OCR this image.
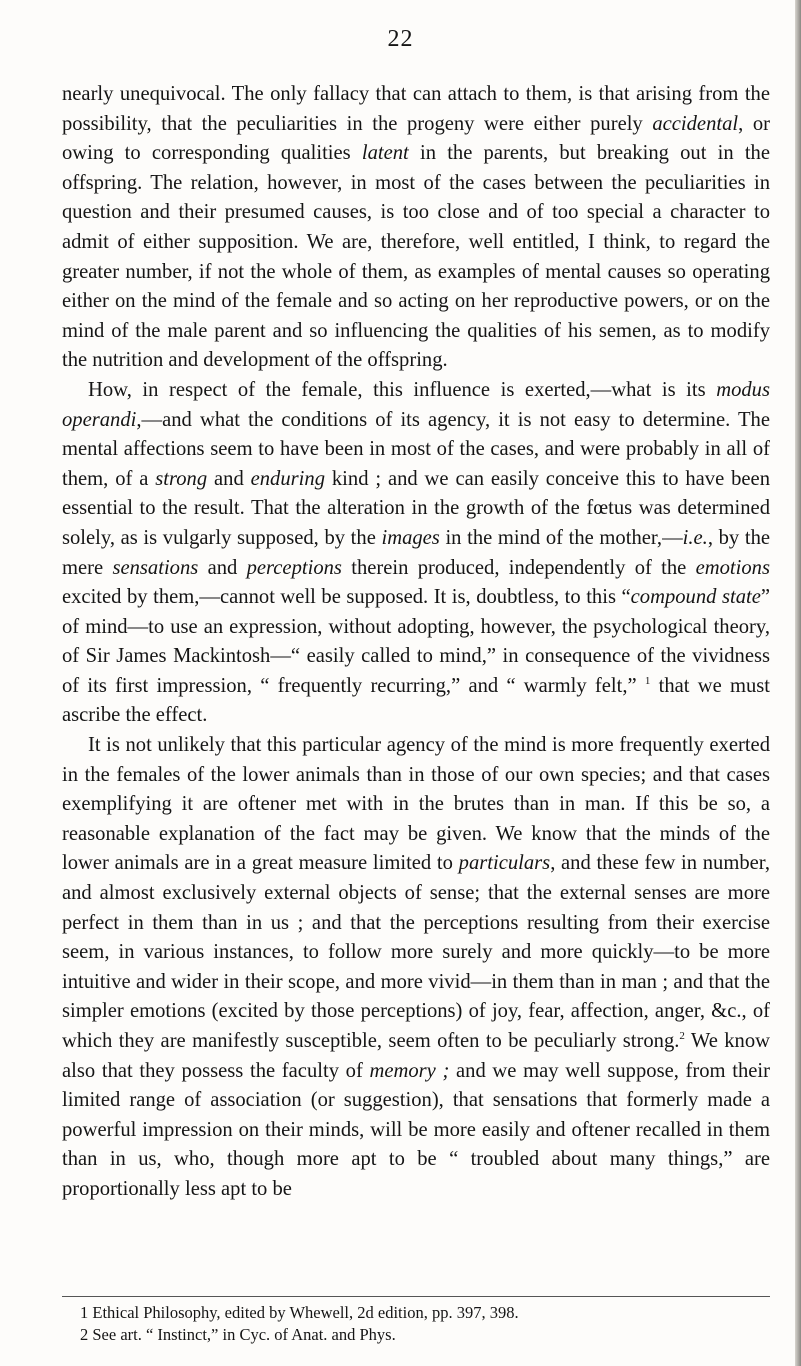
22

nearly unequivocal. The only fallacy that can attach to them, is that arising from the possibility, that the peculiarities in the progeny were either purely accidental, or owing to corresponding qualities latent in the parents, but breaking out in the offspring. The relation, however, in most of the cases between the peculiarities in question and their presumed causes, is too close and of too special a character to admit of either supposition. We are, therefore, well entitled, I think, to regard the greater number, if not the whole of them, as examples of mental causes so operating either on the mind of the female and so acting on her reproductive powers, or on the mind of the male parent and so influencing the qualities of his semen, as to modify the nutrition and development of the offspring.

How, in respect of the female, this influence is exerted,—what is its modus operandi,—and what the conditions of its agency, it is not easy to determine. The mental affections seem to have been in most of the cases, and were probably in all of them, of a strong and enduring kind ; and we can easily conceive this to have been essential to the result. That the alteration in the growth of the fœtus was determined solely, as is vulgarly supposed, by the images in the mind of the mother,—i.e., by the mere sensations and perceptions therein produced, independently of the emotions excited by them,—cannot well be supposed. It is, doubtless, to this “compound state” of mind—to use an expression, without adopting, however, the psychological theory, of Sir James Mackintosh—“ easily called to mind,” in consequence of the vividness of its first impression, “ frequently recurring,” and “ warmly felt,” $^1$ that we must ascribe the effect.

It is not unlikely that this particular agency of the mind is more frequently exerted in the females of the lower animals than in those of our own species; and that cases exemplifying it are oftener met with in the brutes than in man. If this be so, a reasonable explanation of the fact may be given. We know that the minds of the lower animals are in a great measure limited to particulars, and these few in number, and almost exclusively external objects of sense; that the external senses are more perfect in them than in us ; and that the perceptions resulting from their exercise seem, in various instances, to follow more surely and more quickly—to be more intuitive and wider in their scope, and more vivid—in them than in man ; and that the simpler emotions (excited by those perceptions) of joy, fear, affection, anger, &c., of which they are manifestly susceptible, seem often to be peculiarly strong.$^2$ We know also that they possess the faculty of memory ; and we may well suppose, from their limited range of association (or suggestion), that sensations that formerly made a powerful impression on their minds, will be more easily and oftener recalled in them than in us, who, though more apt to be “ troubled about many things,” are proportionally less apt to be

1 Ethical Philosophy, edited by Whewell, 2d edition, pp. 397, 398.

2 See art. “ Instinct,” in Cyc. of Anat. and Phys.
